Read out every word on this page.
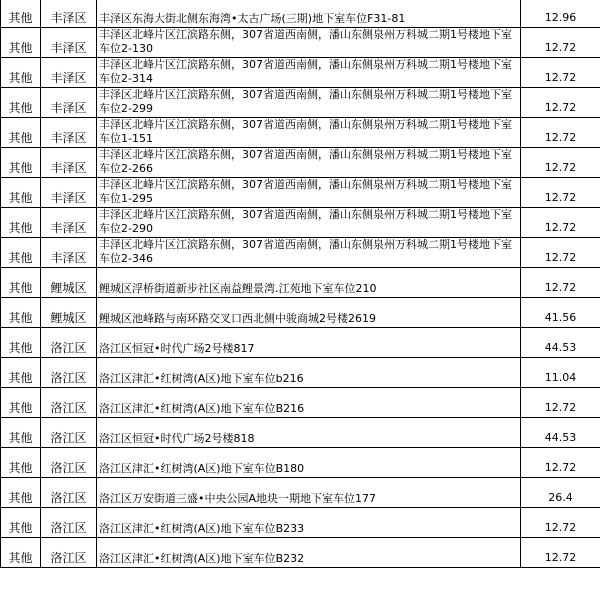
其他	丰泽区	丰泽区东海大街北侧东海湾•太古广场(三期)地下室车位F31-81	12.96
其他	丰泽区	丰泽区北峰片区江滨路东侧，307省道西南侧，潘山东侧泉州万科城二期1号楼地下室车位2-130	12.72
其他	丰泽区	丰泽区北峰片区江滨路东侧，307省道西南侧，潘山东侧泉州万科城二期1号楼地下室车位2-314	12.72
其他	丰泽区	丰泽区北峰片区江滨路东侧，307省道西南侧，潘山东侧泉州万科城二期1号楼地下室车位2-299	12.72
其他	丰泽区	丰泽区北峰片区江滨路东侧，307省道西南侧，潘山东侧泉州万科城二期1号楼地下室车位1-151	12.72
其他	丰泽区	丰泽区北峰片区江滨路东侧，307省道西南侧，潘山东侧泉州万科城二期1号楼地下室车位2-266	12.72
其他	丰泽区	丰泽区北峰片区江滨路东侧，307省道西南侧，潘山东侧泉州万科城二期1号楼地下室车位1-295	12.72
其他	丰泽区	丰泽区北峰片区江滨路东侧，307省道西南侧，潘山东侧泉州万科城二期1号楼地下室车位2-290	12.72
其他	丰泽区	丰泽区北峰片区江滨路东侧，307省道西南侧，潘山东侧泉州万科城二期1号楼地下室车位2-346	12.72
其他	鲤城区	鲤城区浮桥街道新步社区南益鲤景湾.江苑地下室车位210	12.72
其他	鲤城区	鲤城区池峰路与南环路交叉口西北侧中骏商城2号楼2619	41.56
其他	洛江区	洛江区恒冠•时代广场2号楼817	44.53
其他	洛江区	洛江区津汇•红树湾(A区)地下室车位b216	11.04
其他	洛江区	洛江区津汇•红树湾(A区)地下室车位B216	12.72
其他	洛江区	洛江区恒冠•时代广场2号楼818	44.53
其他	洛江区	洛江区津汇•红树湾(A区)地下室车位B180	12.72
其他	洛江区	洛江区万安街道三盛•中央公园A地块一期地下室车位177	26.4
其他	洛江区	洛江区津汇•红树湾(A区)地下室车位B233	12.72
其他	洛江区	洛江区津汇•红树湾(A区)地下室车位B232	12.72
